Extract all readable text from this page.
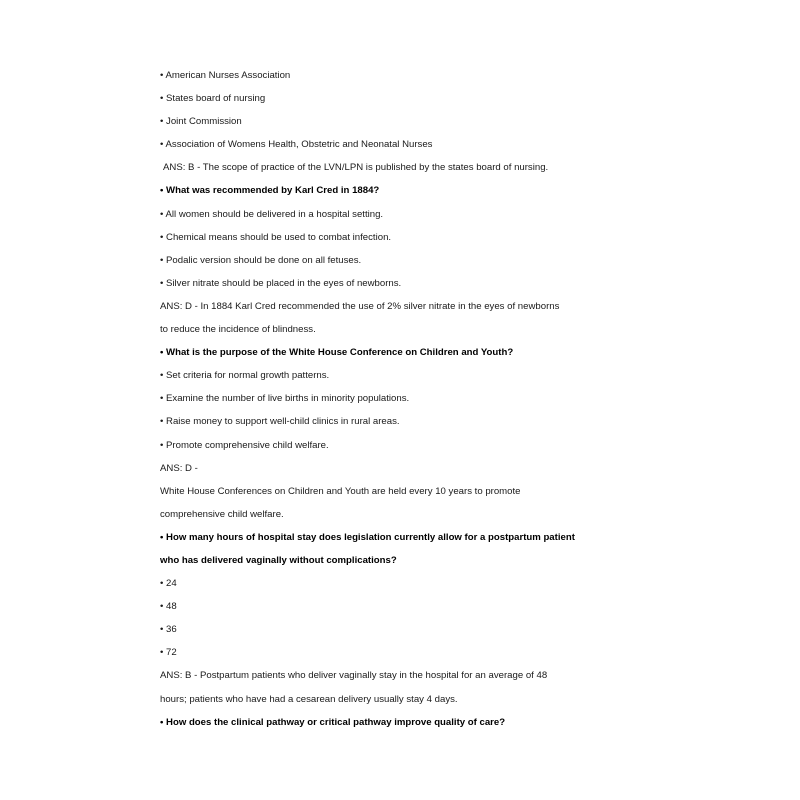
• American Nurses Association
• States board of nursing
• Joint Commission
• Association of Womens Health, Obstetric and Neonatal Nurses
ANS: B - The scope of practice of the LVN/LPN is published by the states board of nursing.
• What was recommended by Karl Cred in 1884?
• All women should be delivered in a hospital setting.
• Chemical means should be used to combat infection.
• Podalic version should be done on all fetuses.
• Silver nitrate should be placed in the eyes of newborns.
ANS: D - In 1884 Karl Cred recommended the use of 2% silver nitrate in the eyes of newborns
to reduce the incidence of blindness.
• What is the purpose of the White House Conference on Children and Youth?
• Set criteria for normal growth patterns.
• Examine the number of live births in minority populations.
• Raise money to support well-child clinics in rural areas.
• Promote comprehensive child welfare.
ANS: D -
White House Conferences on Children and Youth are held every 10 years to promote
comprehensive child welfare.
• How many hours of hospital stay does legislation currently allow for a postpartum patient
who has delivered vaginally without complications?
• 24
• 48
• 36
• 72
ANS: B - Postpartum patients who deliver vaginally stay in the hospital for an average of 48
hours; patients who have had a cesarean delivery usually stay 4 days.
• How does the clinical pathway or critical pathway improve quality of care?
